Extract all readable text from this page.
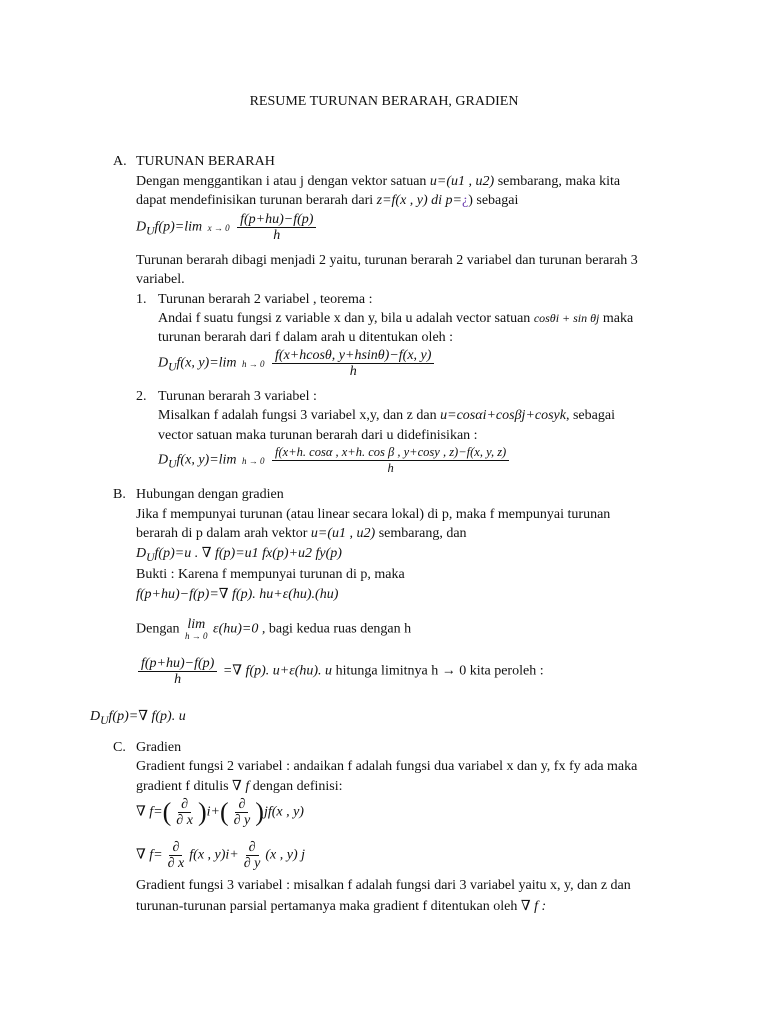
RESUME TURUNAN BERARAH, GRADIEN
A. TURUNAN BERARAH
Dengan menggantikan i atau j dengan vektor satuan u=(u1 , u2) sembarang, maka kita
dapat mendefinisikan turunan berarah dari z=f(x , y) di p=¿) sebagai
$D_Uf(p)=\lim$ x → 0
$\frac{f(p+hu)-f(p)}{h}$
Turunan berarah dibagi menjadi 2 yaitu, turunan berarah 2 variabel dan turunan berarah 3
variabel.
1. Turunan berarah 2 variabel , teorema :
Andai f suatu fungsi z variable x dan y, bila u adalah vector satuan cosθi + sin θj maka
turunan berarah dari f dalam arah u ditentukan oleh :
$D_Uf(x$, y)=lim h → 0
$\frac{f(x+hcos\theta, y+hsin\theta)-f(x, y)}{h}$
2. Turunan berarah 3 variabel :
Misalkan f adalah fungsi 3 variabel x,y, dan z dan u=cosαi+cosβj+cosyk, sebagai
vector satuan maka turunan berarah dari u didefinisikan :
$D_Uf(x$, y)=lim h → 0
$\frac{\text{f(x+h. cosα , x+h. cos β , y+cosy , z)−f(x, y, z)}}{h}$
B. Hubungan dengan gradien
Jika f mempunyai turunan (atau linear secara lokal) di p, maka f mempunyai turunan
berarah di p dalam arah vektor u=(u1 , u2) sembarang, dan
$D_Uf(p)=u$ . ∇ f(p)=u1 fx(p)+u2 fy(p)
Bukti : Karena f mempunyai turunan di p, maka
f(p+hu)−f(p)=∇ f(p). hu+ε(hu).(hu)
Dengan lim
h → 0 ε(hu)=0 , bagi kedua ruas dengan h
$\frac{f(p+hu)-f(p)}{h}$ =∇ f(p). u+ε(hu). u hitunga limitnya h → 0 kita peroleh :
$D_Uf(p)=\nabla$ f(p). u
C. Gradien
Gradient fungsi 2 variabel : andaikan f adalah fungsi dua variabel x dan y, fx fy ada maka
gradient f ditulis ∇ f dengan definisi:
∇ $f=( \frac{\partial}{\partial x} )i+( \frac{\partial}{\partial y} )jf(x$ , y)
∇ $f= \frac{\partial}{\partial x} f(x$ , $y)i+ \frac{\partial}{\partial y} (x$ , y) j
Gradient fungsi 3 variabel : misalkan f adalah fungsi dari 3 variabel yaitu x, y, dan z dan
turunan-turunan parsial pertamanya maka gradient f ditentukan oleh ∇ f :
